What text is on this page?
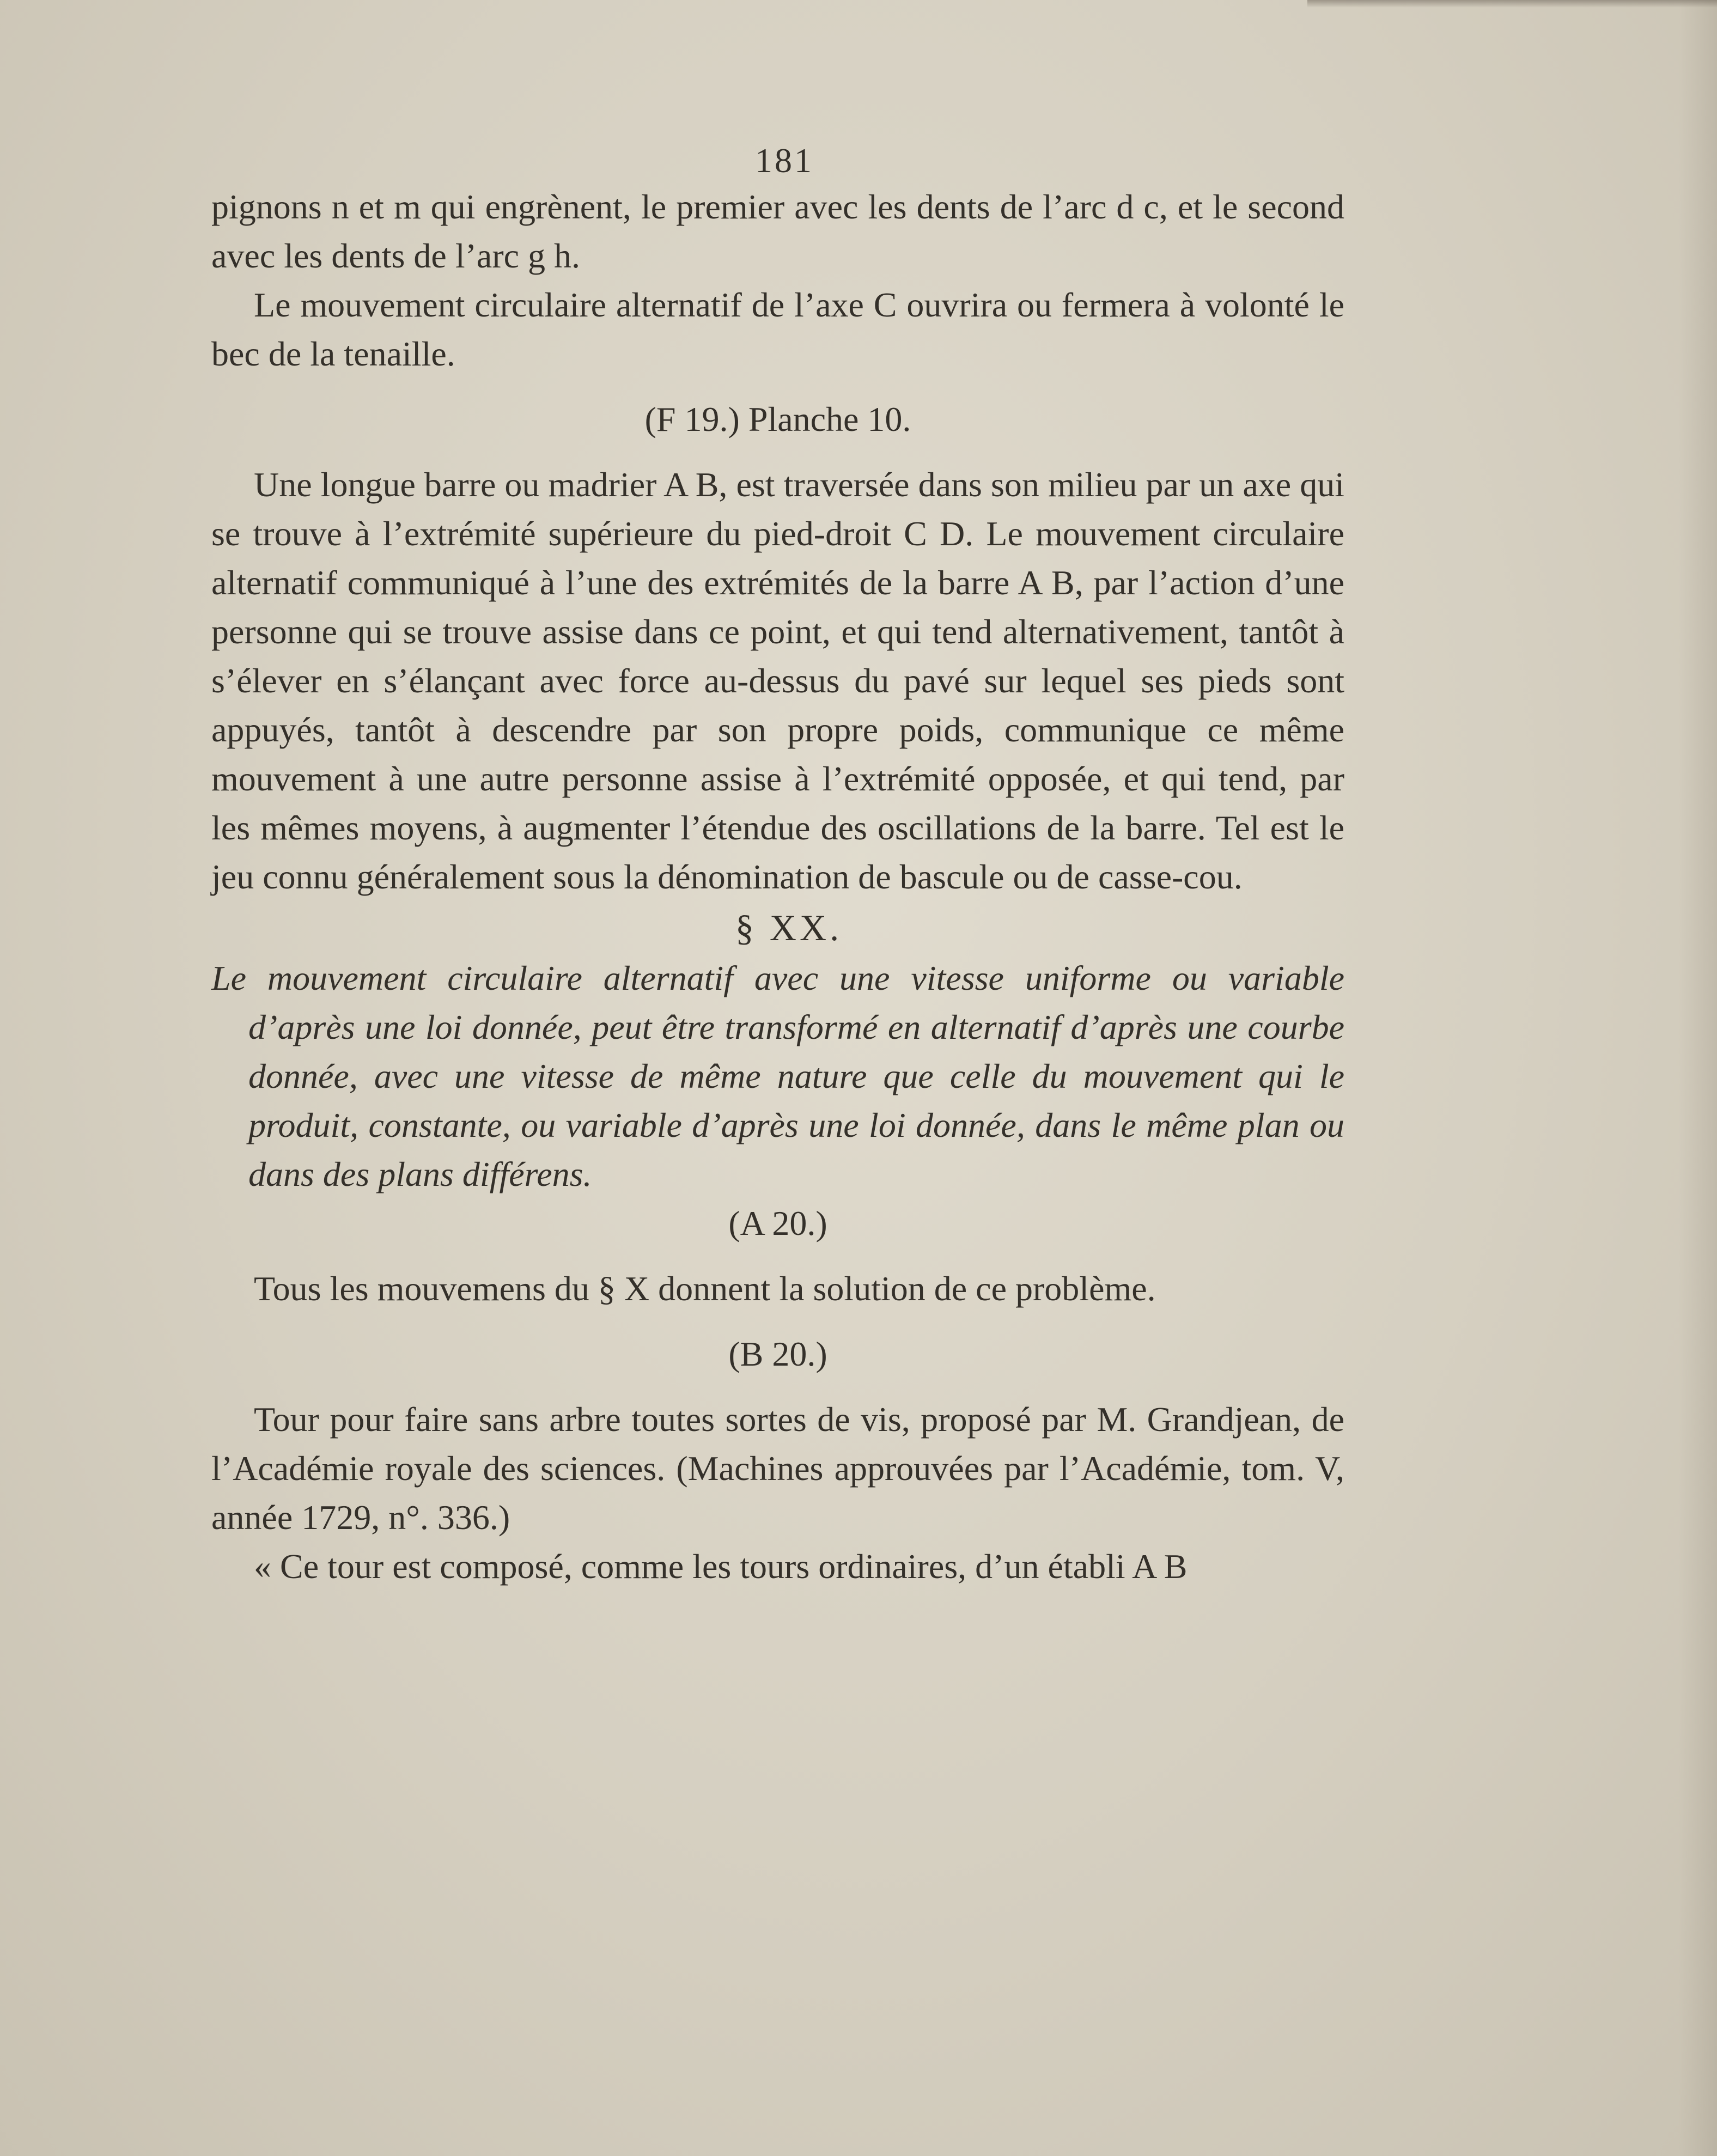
181

pignons n et m qui engrènent, le premier avec les dents de l’arc d c, et le second avec les dents de l’arc g h.

Le mouvement circulaire alternatif de l’axe C ouvrira ou fermera à volonté le bec de la tenaille.

(F 19.) Planche 10.

Une longue barre ou madrier A B, est traversée dans son milieu par un axe qui se trouve à l’extrémité supérieure du pied-droit C D. Le mouvement circulaire alternatif communiqué à l’une des extrémités de la barre A B, par l’action d’une personne qui se trouve assise dans ce point, et qui tend alternativement, tantôt à s’élever en s’élançant avec force au-dessus du pavé sur lequel ses pieds sont appuyés, tantôt à descendre par son propre poids, communique ce même mouvement à une autre personne assise à l’extrémité opposée, et qui tend, par les mêmes moyens, à augmenter l’étendue des oscillations de la barre. Tel est le jeu connu généralement sous la dénomination de bascule ou de casse-cou.

§ XX.
Le mouvement circulaire alternatif avec une vitesse uniforme ou variable d’après une loi donnée, peut être transformé en alternatif d’après une courbe donnée, avec une vitesse de même nature que celle du mouvement qui le produit, constante, ou variable d’après une loi donnée, dans le même plan ou dans des plans différens.
(A 20.)

Tous les mouvemens du § X donnent la solution de ce problème.

(B 20.)

Tour pour faire sans arbre toutes sortes de vis, proposé par M. Grandjean, de l’Académie royale des sciences. (Machines approuvées par l’Académie, tom. V, année 1729, n°. 336.)

« Ce tour est composé, comme les tours ordinaires, d’un établi A B
